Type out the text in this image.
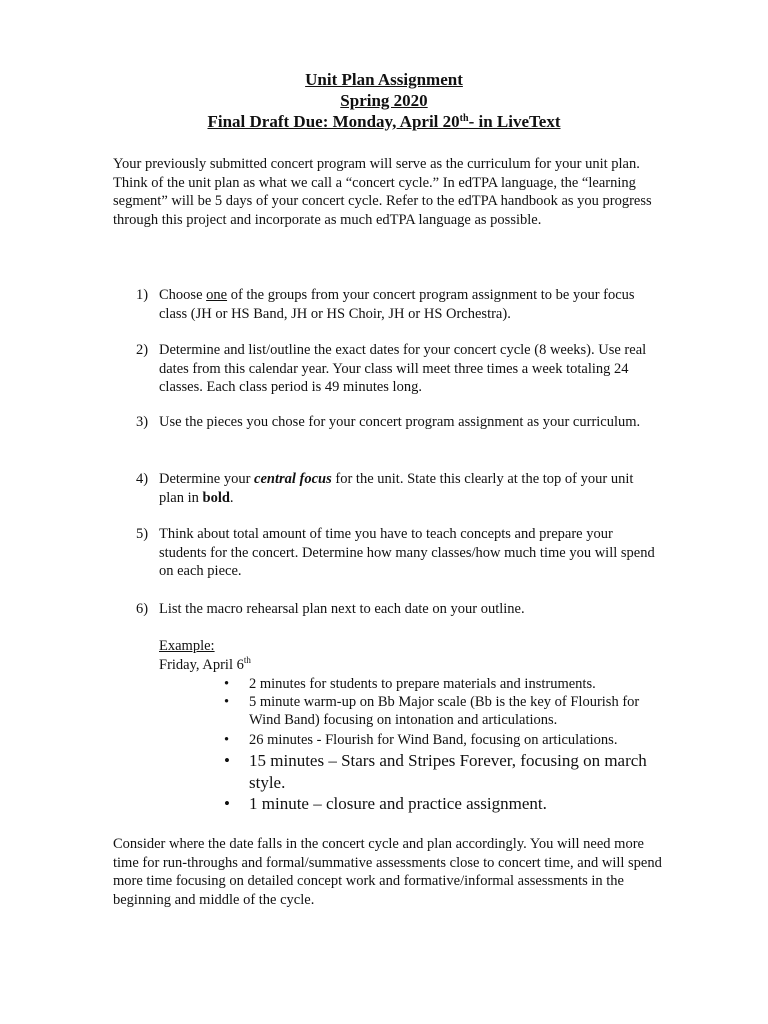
Unit Plan Assignment
Spring 2020
Final Draft Due: Monday, April 20th- in LiveText
Your previously submitted concert program will serve as the curriculum for your unit plan. Think of the unit plan as what we call a “concert cycle.” In edTPA language, the “learning segment” will be 5 days of your concert cycle. Refer to the edTPA handbook as you progress through this project and incorporate as much edTPA language as possible.
1) Choose one of the groups from your concert program assignment to be your focus class (JH or HS Band, JH or HS Choir, JH or HS Orchestra).
2) Determine and list/outline the exact dates for your concert cycle (8 weeks). Use real dates from this calendar year. Your class will meet three times a week totaling 24 classes. Each class period is 49 minutes long.
3) Use the pieces you chose for your concert program assignment as your curriculum.
4) Determine your central focus for the unit. State this clearly at the top of your unit plan in bold.
5) Think about total amount of time you have to teach concepts and prepare your students for the concert. Determine how many classes/how much time you will spend on each piece.
6) List the macro rehearsal plan next to each date on your outline.
Example:
Friday, April 6th
• 2 minutes for students to prepare materials and instruments.
• 5 minute warm-up on Bb Major scale (Bb is the key of Flourish for Wind Band) focusing on intonation and articulations.
• 26 minutes - Flourish for Wind Band, focusing on articulations.
• 15 minutes – Stars and Stripes Forever, focusing on march style.
• 1 minute – closure and practice assignment.
Consider where the date falls in the concert cycle and plan accordingly. You will need more time for run-throughs and formal/summative assessments close to concert time, and will spend more time focusing on detailed concept work and formative/informal assessments in the beginning and middle of the cycle.
